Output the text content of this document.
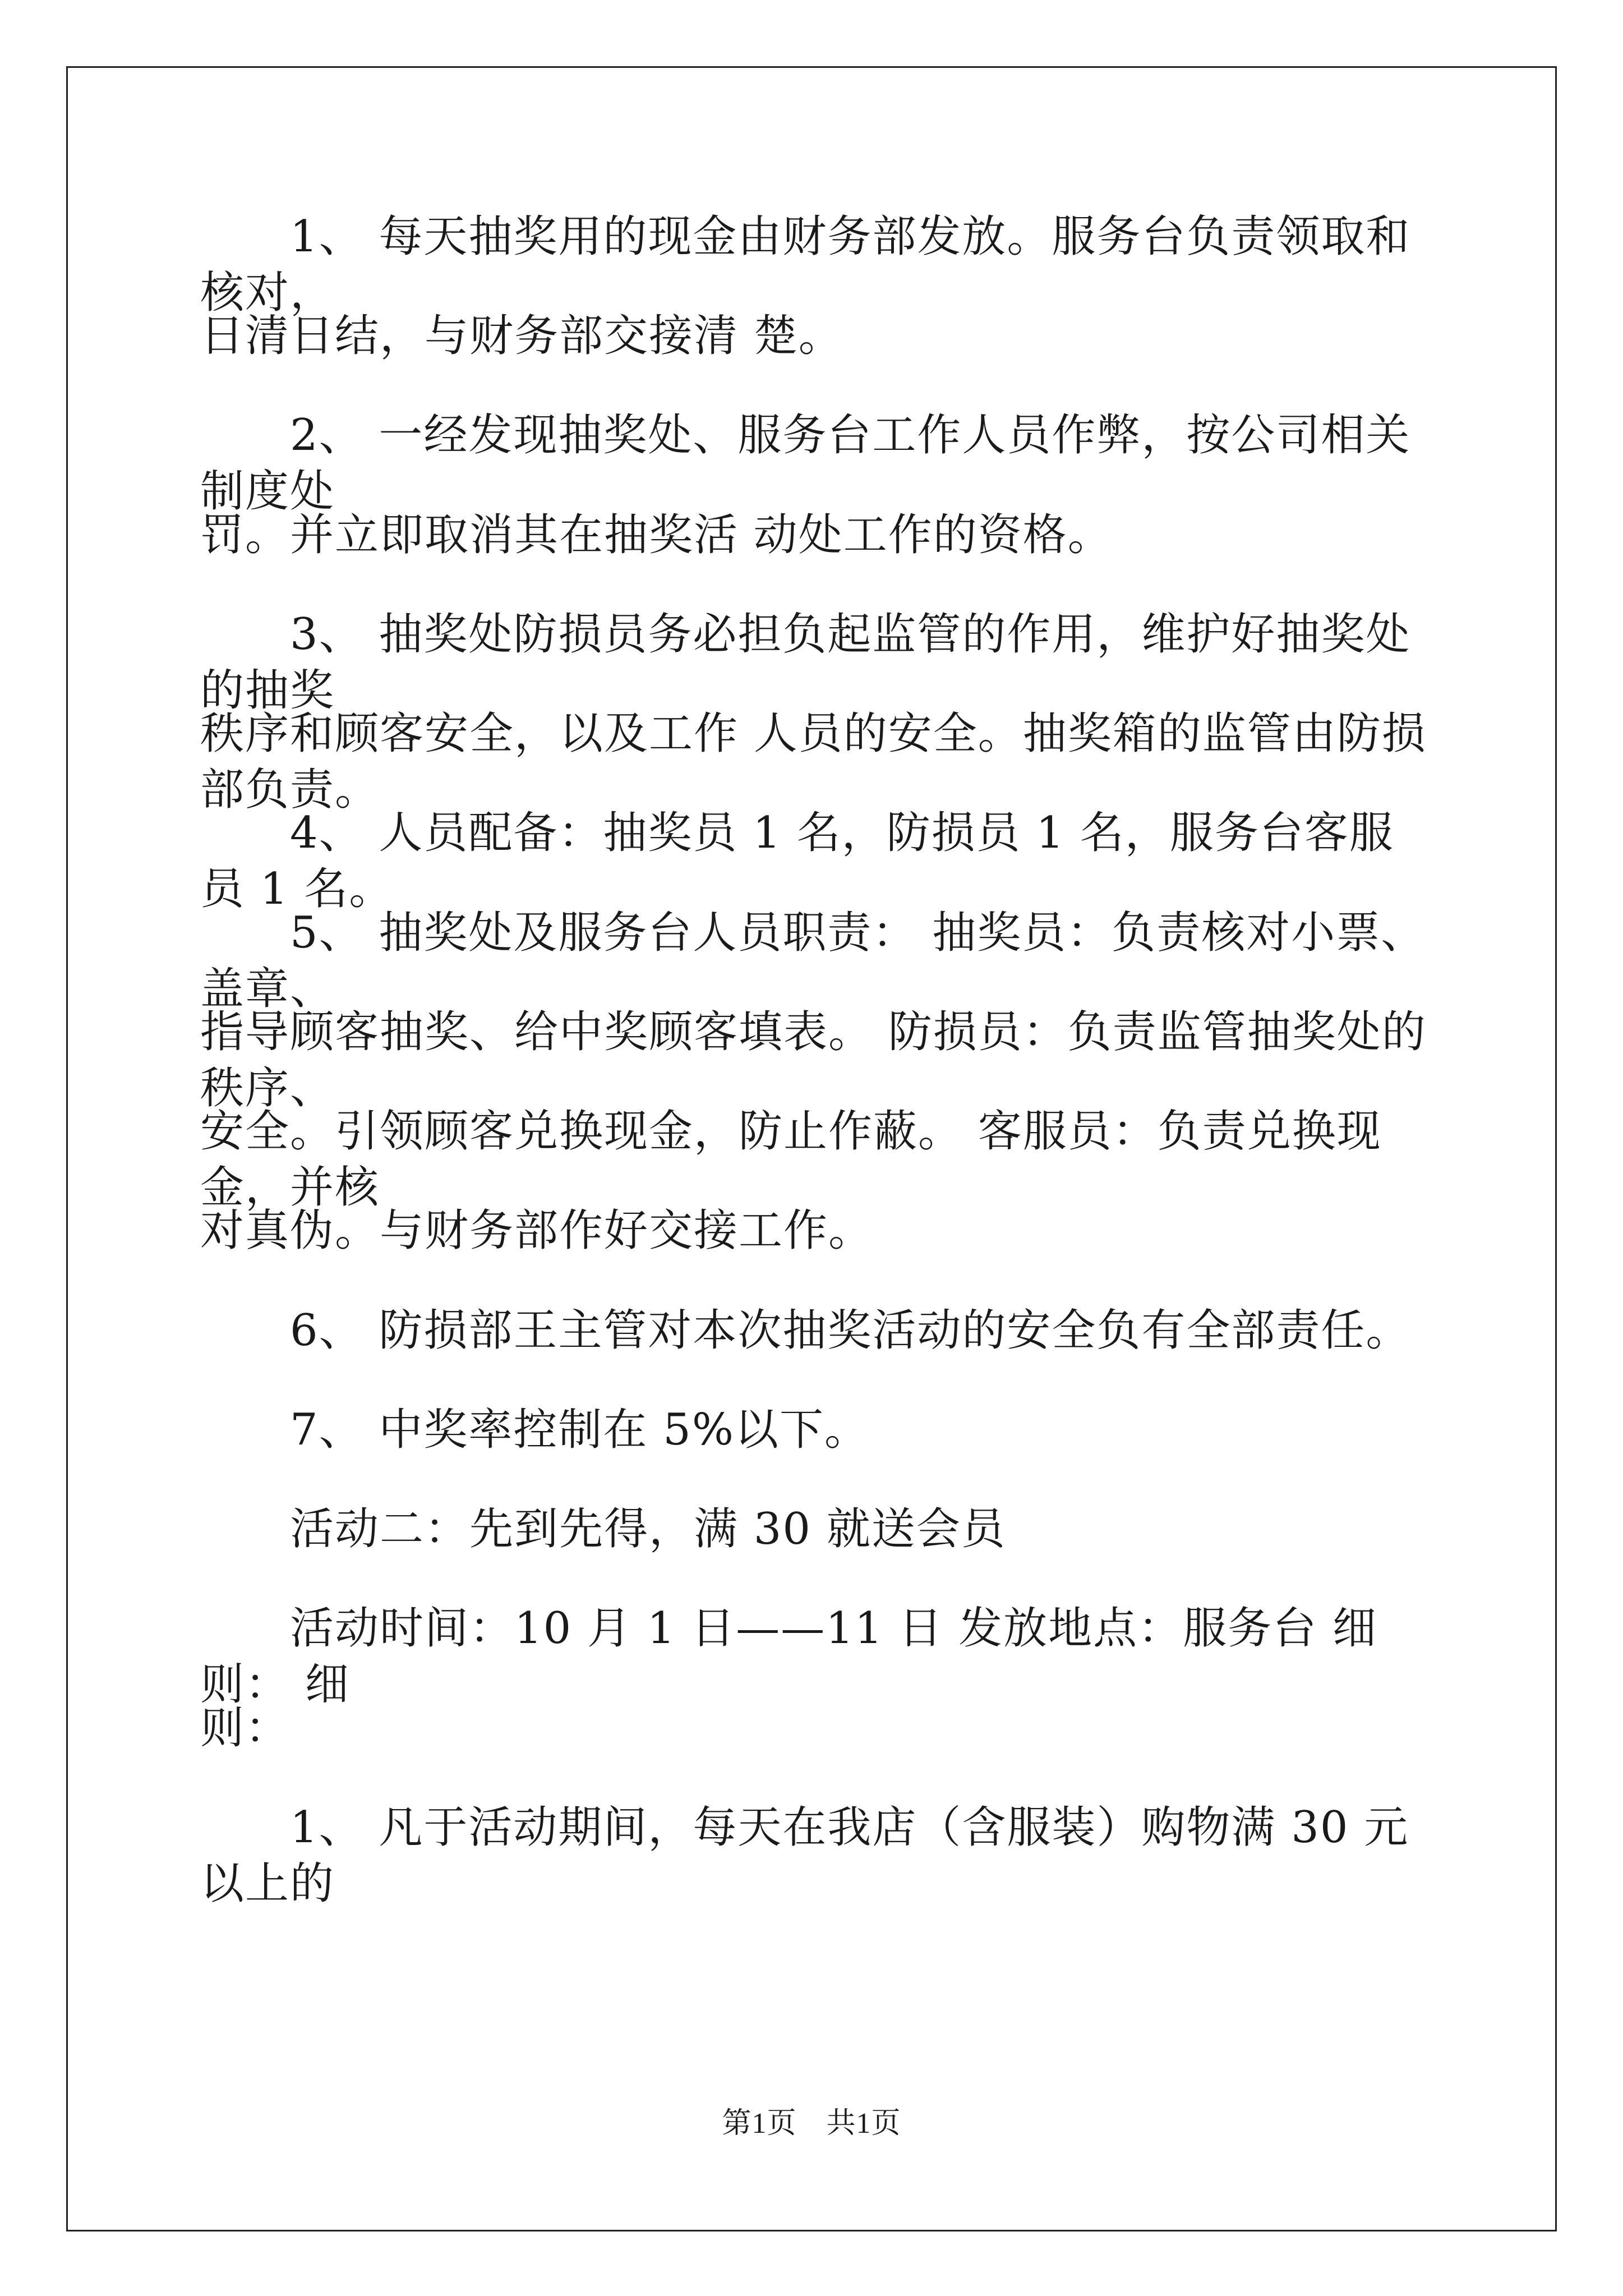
　　1、 每天抽奖用的现金由财务部发放。服务台负责领取和核对，

日清日结，与财务部交接清 楚。

　　2、 一经发现抽奖处、服务台工作人员作弊，按公司相关制度处

罚。并立即取消其在抽奖活 动处工作的资格。

　　3、 抽奖处防损员务必担负起监管的作用，维护好抽奖处的抽奖

秩序和顾客安全，以及工作 人员的安全。抽奖箱的监管由防损部负责。

　　4、 人员配备：抽奖员 1 名，防损员 1 名，服务台客服员 1 名。

　　5、 抽奖处及服务台人员职责： 抽奖员：负责核对小票、盖章、

指导顾客抽奖、给中奖顾客填表。 防损员：负责监管抽奖处的秩序、

安全。引领顾客兑换现金，防止作蔽。 客服员：负责兑换现金，并核

对真伪。与财务部作好交接工作。

　　6、 防损部王主管对本次抽奖活动的安全负有全部责任。

　　7、 中奖率控制在 5%以下。

　　活动二：先到先得，满 30 就送会员

　　活动时间：10 月 1 日——11 日 发放地点：服务台 细则： 细

则：

　　1、 凡于活动期间，每天在我店（含服装）购物满 30 元以上的

第1页　共1页
